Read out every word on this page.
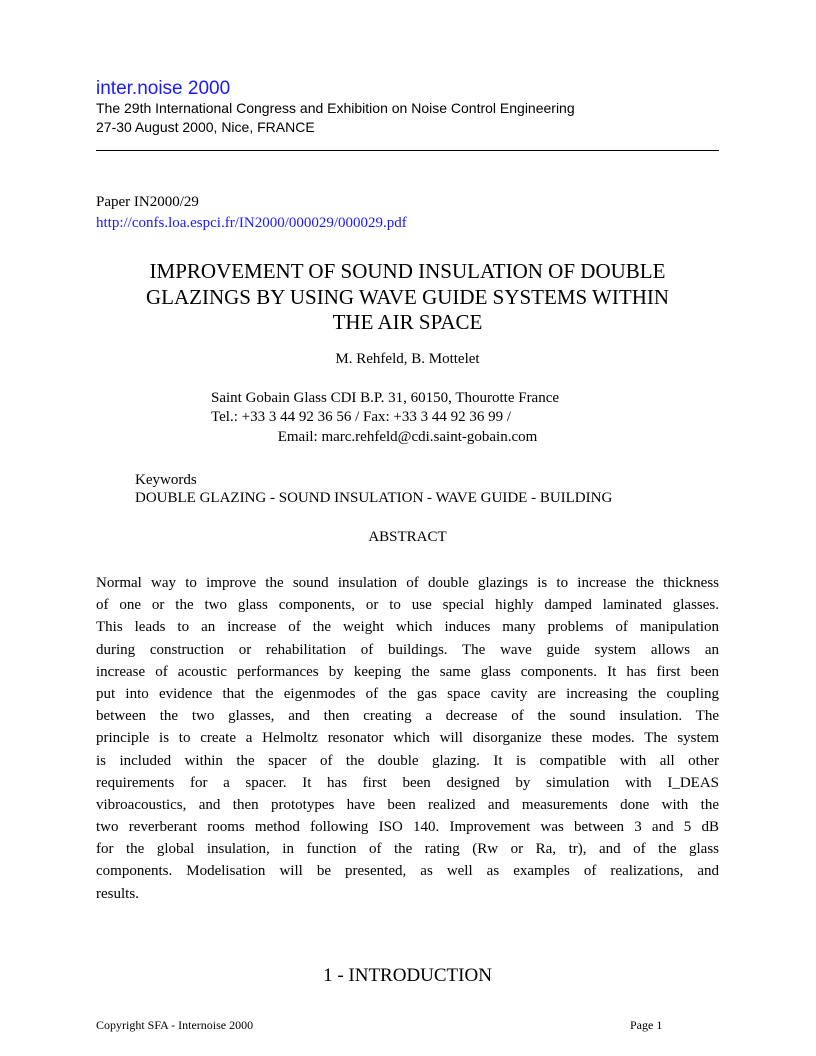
inter.noise 2000
The 29th International Congress and Exhibition on Noise Control Engineering
27-30 August 2000, Nice, FRANCE
Paper IN2000/29
http://confs.loa.espci.fr/IN2000/000029/000029.pdf
IMPROVEMENT OF SOUND INSULATION OF DOUBLE
GLAZINGS BY USING WAVE GUIDE SYSTEMS WITHIN
THE AIR SPACE
M. Rehfeld, B. Mottelet
Saint Gobain Glass CDI B.P. 31, 60150, Thourotte France
Tel.: +33 3 44 92 36 56 / Fax: +33 3 44 92 36 99 /
Email: marc.rehfeld@cdi.saint-gobain.com
Keywords
DOUBLE GLAZING - SOUND INSULATION - WAVE GUIDE - BUILDING
ABSTRACT
Normal way to improve the sound insulation of double glazings is to increase the thickness
of one or the two glass components, or to use special highly damped laminated glasses.
This leads to an increase of the weight which induces many problems of manipulation
during construction or rehabilitation of buildings. The wave guide system allows an
increase of acoustic performances by keeping the same glass components. It has first been
put into evidence that the eigenmodes of the gas space cavity are increasing the coupling
between the two glasses, and then creating a decrease of the sound insulation. The
principle is to create a Helmoltz resonator which will disorganize these modes. The system
is included within the spacer of the double glazing. It is compatible with all other
requirements for a spacer. It has first been designed by simulation with I_DEAS
vibroacoustics, and then prototypes have been realized and measurements done with the
two reverberant rooms method following ISO 140. Improvement was between 3 and 5 dB
for the global insulation, in function of the rating (Rw or Ra, tr), and of the glass
components. Modelisation will be presented, as well as examples of realizations, and
results.
1 - INTRODUCTION
Copyright SFA - Internoise 2000	Page 1
